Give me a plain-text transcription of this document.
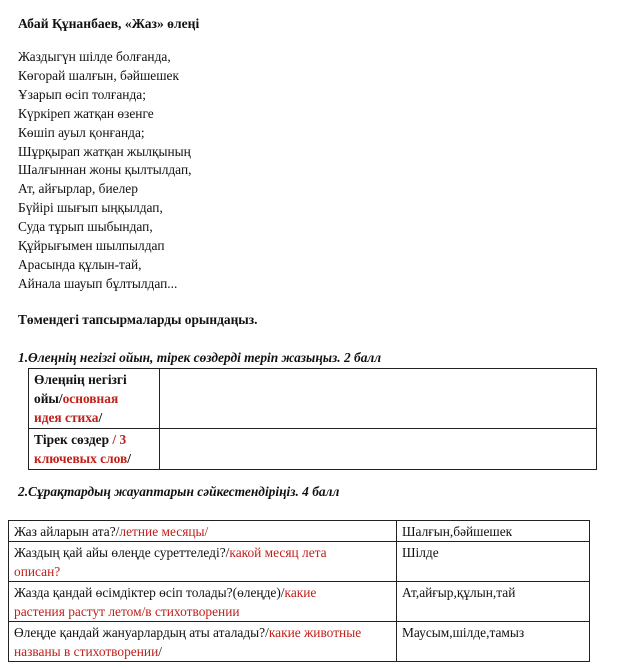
Абай Құнанбаев, «Жаз» өлеңі
Жаздыгүн шілде болғанда,
Көгорай шалғын, бәйшешек
Ұзарып өсіп толғанда;
Күркіреп жатқан өзенге
Көшіп ауыл қонғанда;
Шұрқырап жатқан жылқының
Шалғыннан жоны қылтылдап,
Ат, айғырлар, биелер
Бүйірі шығып ыңқылдап,
Суда тұрып шыбындап,
Құйрығымен шылпылдап
Арасында құлын-тай,
Айнала шауып бұлтылдап...
Төмендегі тапсырмаларды орындаңыз.
1.Өлеңнің негізгі ойын, тірек сөздерді теріп жазыңыз. 2 балл
Өлеңнің негізгі
ойы/основная
идея стиха/	
Тірек сөздер / 3
ключевых слов/	
2.Сұрақтардың жауаптарын сәйкестендіріңіз. 4 балл
Жаз айларын ата?/летние месяцы/	Шалғын,бәйшешек
Жаздың қай айы өлеңде суреттеледі?/какой месяц лета
описан?	Шілде
Жазда қандай өсімдіктер өсіп толады?(өлеңде)/какие
растения растут летом/в стихотворении	Ат,айғыр,құлын,тай
Өлеңде қандай жануарлардың аты аталады?/какие животные
названы в стихотворении/	Маусым,шілде,тамыз
